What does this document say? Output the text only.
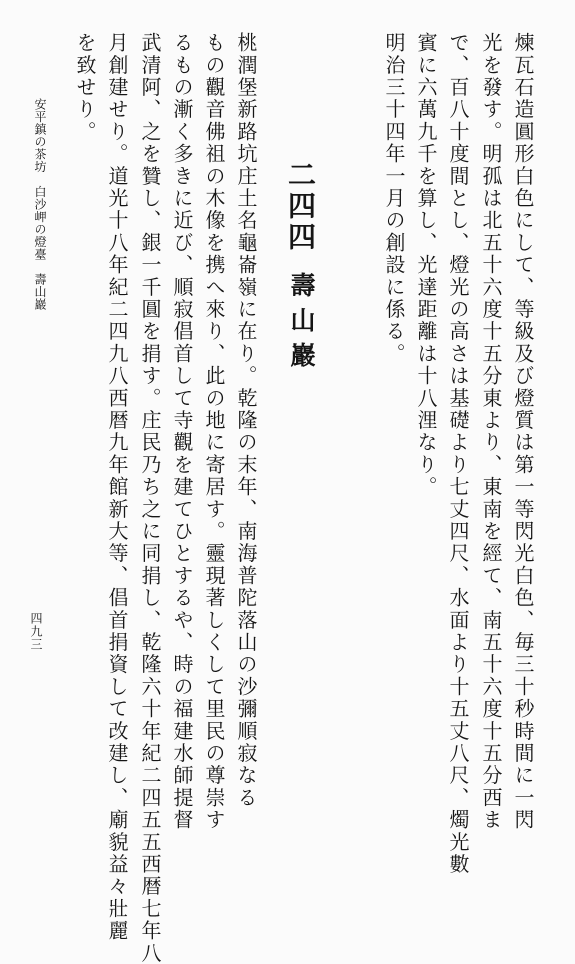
煉瓦石造圓形白色にして、等級及び燈質は第一等閃光白色、毎三十秒時間に一閃
光を發す。明孤は北五十六度十五分東より、東南を經て、南五十六度十五分西ま
で、百八十度間とし、燈光の高さは基礎より七丈四尺、水面より十五丈八尺、燭光數
賓に六萬九千を算し、光達距離は十八浬なり。
明治三十四年一月の創設に係る。
二四四
壽山巖
桃潤堡新路坑庄土名龜崙嶺に在り。乾隆の末年、南海普陀落山の沙彌順寂なる
もの觀音佛祖の木像を携へ來り、此の地に寄居す。靈現著しくして里民の尊崇す
るもの漸く多きに近び、順寂倡首して寺觀を建てひとするや、時の福建水師提督
武清阿、之を贊し、銀一千圓を捐す。庄民乃ち之に同捐し、乾隆六十年紀二四五五西暦七年八
月創建せり。道光十八年紀二四九八西暦九年館新大等、倡首捐資して改建し、廟貌益々壯麗
を致せり。
安平鎮の茶坊　白沙岬の燈臺　壽山巖
四九三
